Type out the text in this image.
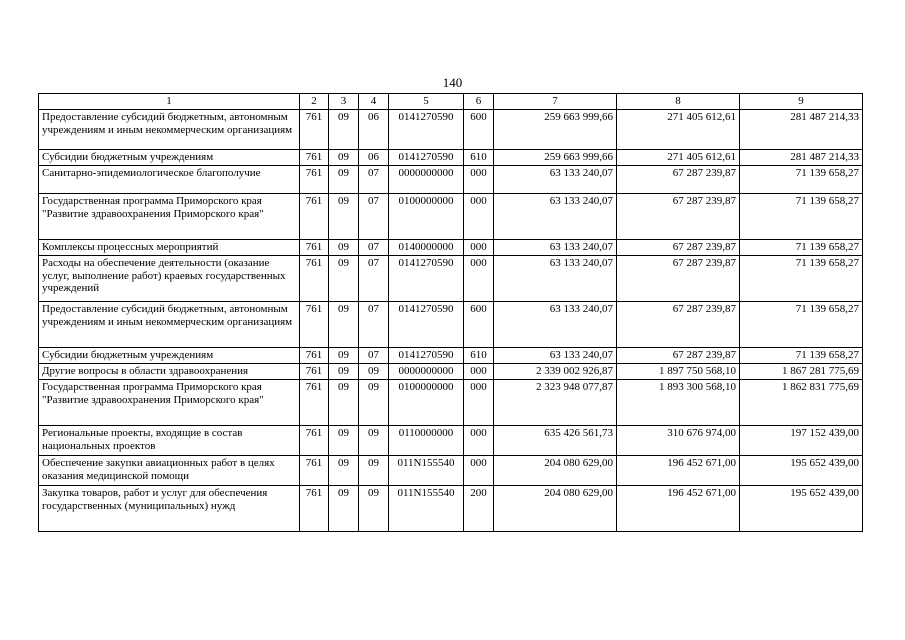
140
1	2	3	4	5	6	7	8	9
Предоставление субсидий бюджетным, автономным учреждениям и иным некоммерческим организациям	761	09	06	0141270590	600	259 663 999,66	271 405 612,61	281 487 214,33
Субсидии бюджетным учреждениям	761	09	06	0141270590	610	259 663 999,66	271 405 612,61	281 487 214,33
Санитарно-эпидемиологическое благополучие	761	09	07	0000000000	000	63 133 240,07	67 287 239,87	71 139 658,27
Государственная программа Приморского края "Развитие здравоохранения Приморского края"	761	09	07	0100000000	000	63 133 240,07	67 287 239,87	71 139 658,27
Комплексы процессных мероприятий	761	09	07	0140000000	000	63 133 240,07	67 287 239,87	71 139 658,27
Расходы на обеспечение деятельности (оказание услуг, выполнение работ) краевых государственных учреждений	761	09	07	0141270590	000	63 133 240,07	67 287 239,87	71 139 658,27
Предоставление субсидий бюджетным, автономным учреждениям и иным некоммерческим организациям	761	09	07	0141270590	600	63 133 240,07	67 287 239,87	71 139 658,27
Субсидии бюджетным учреждениям	761	09	07	0141270590	610	63 133 240,07	67 287 239,87	71 139 658,27
Другие вопросы в области здравоохранения	761	09	09	0000000000	000	2 339 002 926,87	1 897 750 568,10	1 867 281 775,69
Государственная программа Приморского края "Развитие здравоохранения Приморского края"	761	09	09	0100000000	000	2 323 948 077,87	1 893 300 568,10	1 862 831 775,69
Региональные проекты, входящие в состав национальных проектов	761	09	09	0110000000	000	635 426 561,73	310 676 974,00	197 152 439,00
Обеспечение закупки авиационных работ в целях оказания медицинской помощи	761	09	09	011N155540	000	204 080 629,00	196 452 671,00	195 652 439,00
Закупка товаров, работ и услуг для обеспечения государственных (муниципальных) нужд	761	09	09	011N155540	200	204 080 629,00	196 452 671,00	195 652 439,00
